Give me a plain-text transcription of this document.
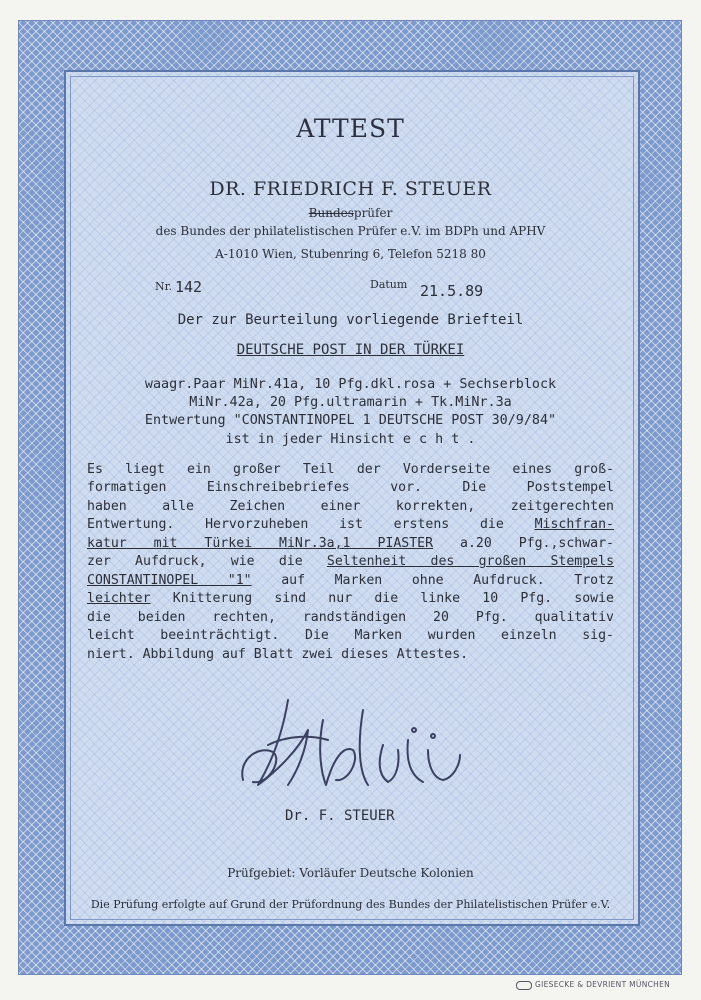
ATTEST
DR. FRIEDRICH F. STEUER
Bundesprüfer
des Bundes der philatelistischen Prüfer e.V. im BDPh und APHV
A-1010 Wien, Stubenring 6, Telefon 5218 80
Nr. 142	Datum 21.5.89
Der zur Beurteilung vorliegende Briefteil
DEUTSCHE POST IN DER TÜRKEI
waagr.Paar MiNr.41a, 10 Pfg.dkl.rosa + Sechserblock
MiNr.42a, 20 Pfg.ultramarin + Tk.MiNr.3a
Entwertung "CONSTANTINOPEL 1 DEUTSCHE POST 30/9/84"
ist in jeder Hinsicht e c h t .
Es liegt ein großer Teil der Vorderseite eines groß-
formatigen Einschreibebriefes vor. Die Poststempel
haben alle Zeichen einer korrekten, zeitgerechten
Entwertung. Hervorzuheben ist erstens die Mischfran-
katur mit Türkei MiNr.3a,1 PIASTER a.20 Pfg.,schwar-
zer Aufdruck, wie die Seltenheit des großen Stempels
CONSTANTINOPEL "1" auf Marken ohne Aufdruck. Trotz
leichter Knitterung sind nur die linke 10 Pfg. sowie
die beiden rechten, randständigen 20 Pfg. qualitativ
leicht beeinträchtigt. Die Marken wurden einzeln sig-
niert. Abbildung auf Blatt zwei dieses Attestes.
Dr. F. STEUER
Prüfgebiet: Vorläufer Deutsche Kolonien
Die Prüfung erfolgte auf Grund der Prüfordnung des Bundes der Philatelistischen Prüfer e.V.
GIESECKE & DEVRIENT MÜNCHEN
